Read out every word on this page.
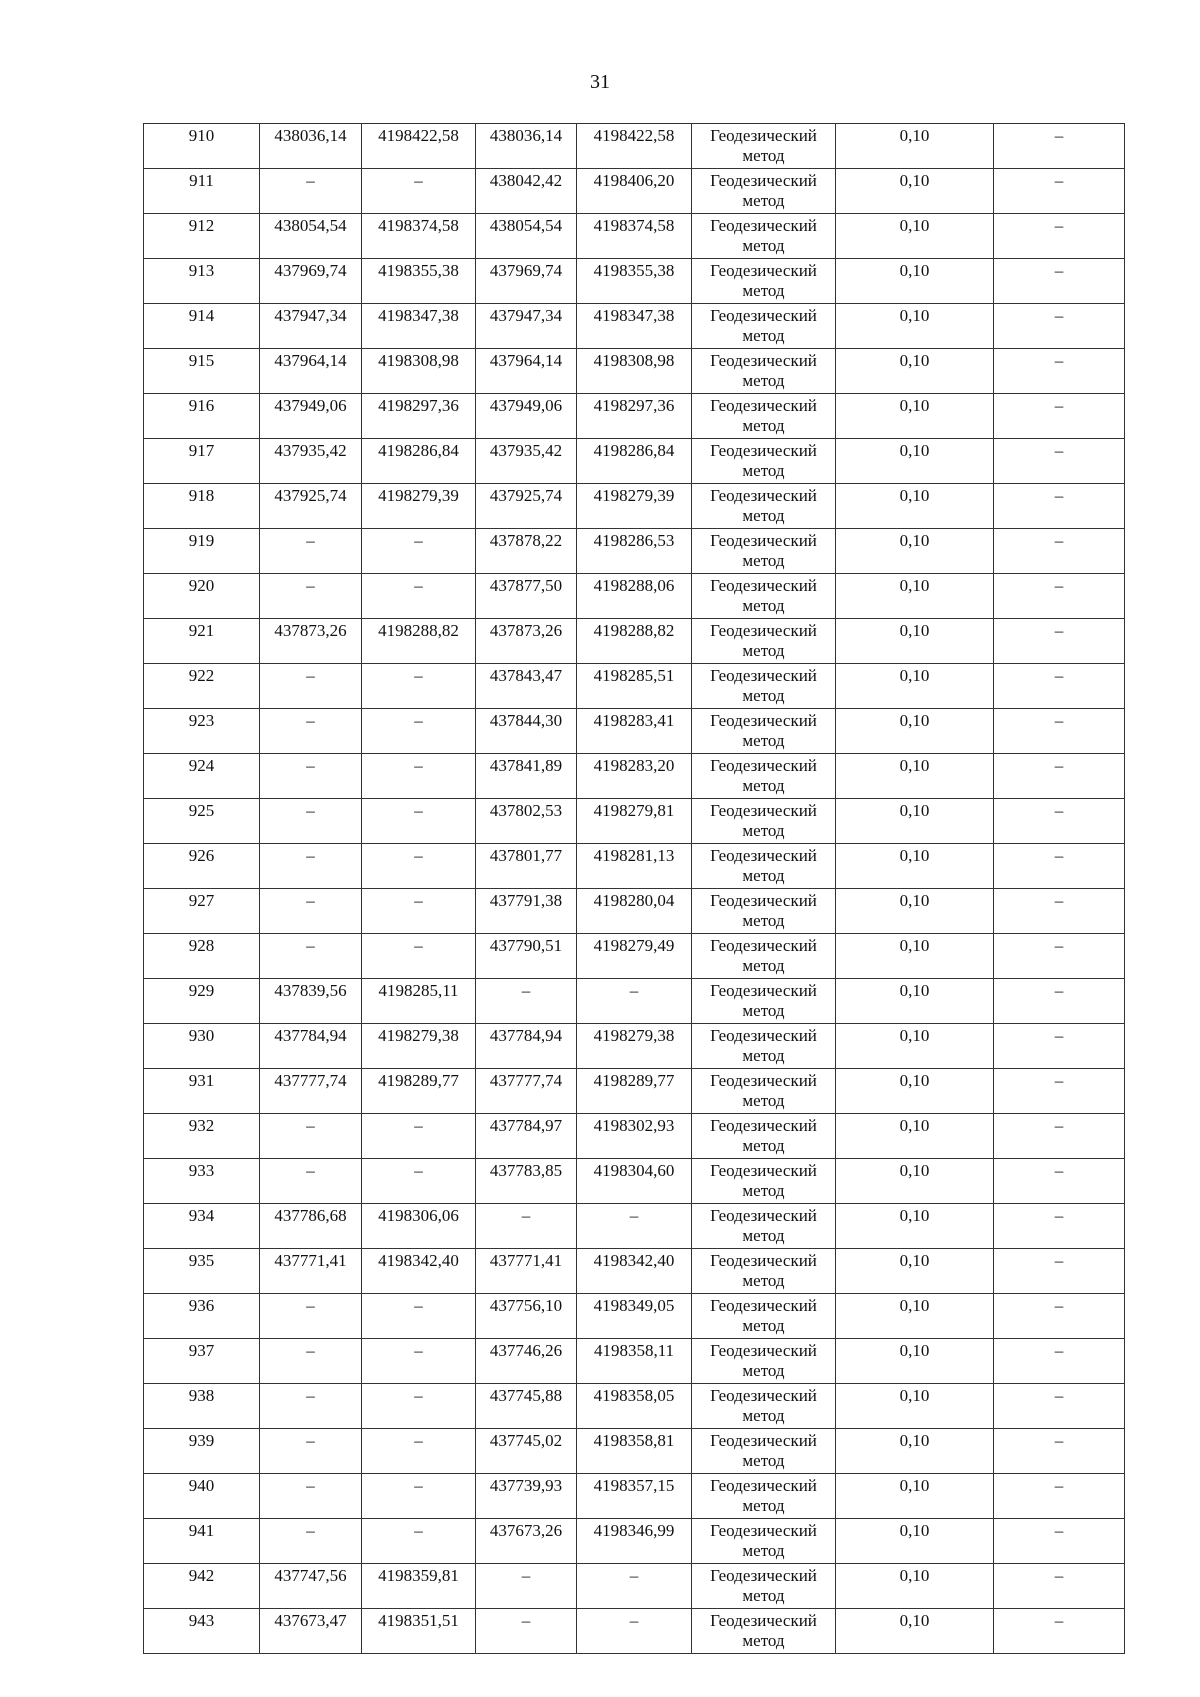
31
910	438036,14	4198422,58	438036,14	4198422,58	Геодезический метод	0,10	–
911	–	–	438042,42	4198406,20	Геодезический метод	0,10	–
912	438054,54	4198374,58	438054,54	4198374,58	Геодезический метод	0,10	–
913	437969,74	4198355,38	437969,74	4198355,38	Геодезический метод	0,10	–
914	437947,34	4198347,38	437947,34	4198347,38	Геодезический метод	0,10	–
915	437964,14	4198308,98	437964,14	4198308,98	Геодезический метод	0,10	–
916	437949,06	4198297,36	437949,06	4198297,36	Геодезический метод	0,10	–
917	437935,42	4198286,84	437935,42	4198286,84	Геодезический метод	0,10	–
918	437925,74	4198279,39	437925,74	4198279,39	Геодезический метод	0,10	–
919	–	–	437878,22	4198286,53	Геодезический метод	0,10	–
920	–	–	437877,50	4198288,06	Геодезический метод	0,10	–
921	437873,26	4198288,82	437873,26	4198288,82	Геодезический метод	0,10	–
922	–	–	437843,47	4198285,51	Геодезический метод	0,10	–
923	–	–	437844,30	4198283,41	Геодезический метод	0,10	–
924	–	–	437841,89	4198283,20	Геодезический метод	0,10	–
925	–	–	437802,53	4198279,81	Геодезический метод	0,10	–
926	–	–	437801,77	4198281,13	Геодезический метод	0,10	–
927	–	–	437791,38	4198280,04	Геодезический метод	0,10	–
928	–	–	437790,51	4198279,49	Геодезический метод	0,10	–
929	437839,56	4198285,11	–	–	Геодезический метод	0,10	–
930	437784,94	4198279,38	437784,94	4198279,38	Геодезический метод	0,10	–
931	437777,74	4198289,77	437777,74	4198289,77	Геодезический метод	0,10	–
932	–	–	437784,97	4198302,93	Геодезический метод	0,10	–
933	–	–	437783,85	4198304,60	Геодезический метод	0,10	–
934	437786,68	4198306,06	–	–	Геодезический метод	0,10	–
935	437771,41	4198342,40	437771,41	4198342,40	Геодезический метод	0,10	–
936	–	–	437756,10	4198349,05	Геодезический метод	0,10	–
937	–	–	437746,26	4198358,11	Геодезический метод	0,10	–
938	–	–	437745,88	4198358,05	Геодезический метод	0,10	–
939	–	–	437745,02	4198358,81	Геодезический метод	0,10	–
940	–	–	437739,93	4198357,15	Геодезический метод	0,10	–
941	–	–	437673,26	4198346,99	Геодезический метод	0,10	–
942	437747,56	4198359,81	–	–	Геодезический метод	0,10	–
943	437673,47	4198351,51	–	–	Геодезический метод	0,10	–
